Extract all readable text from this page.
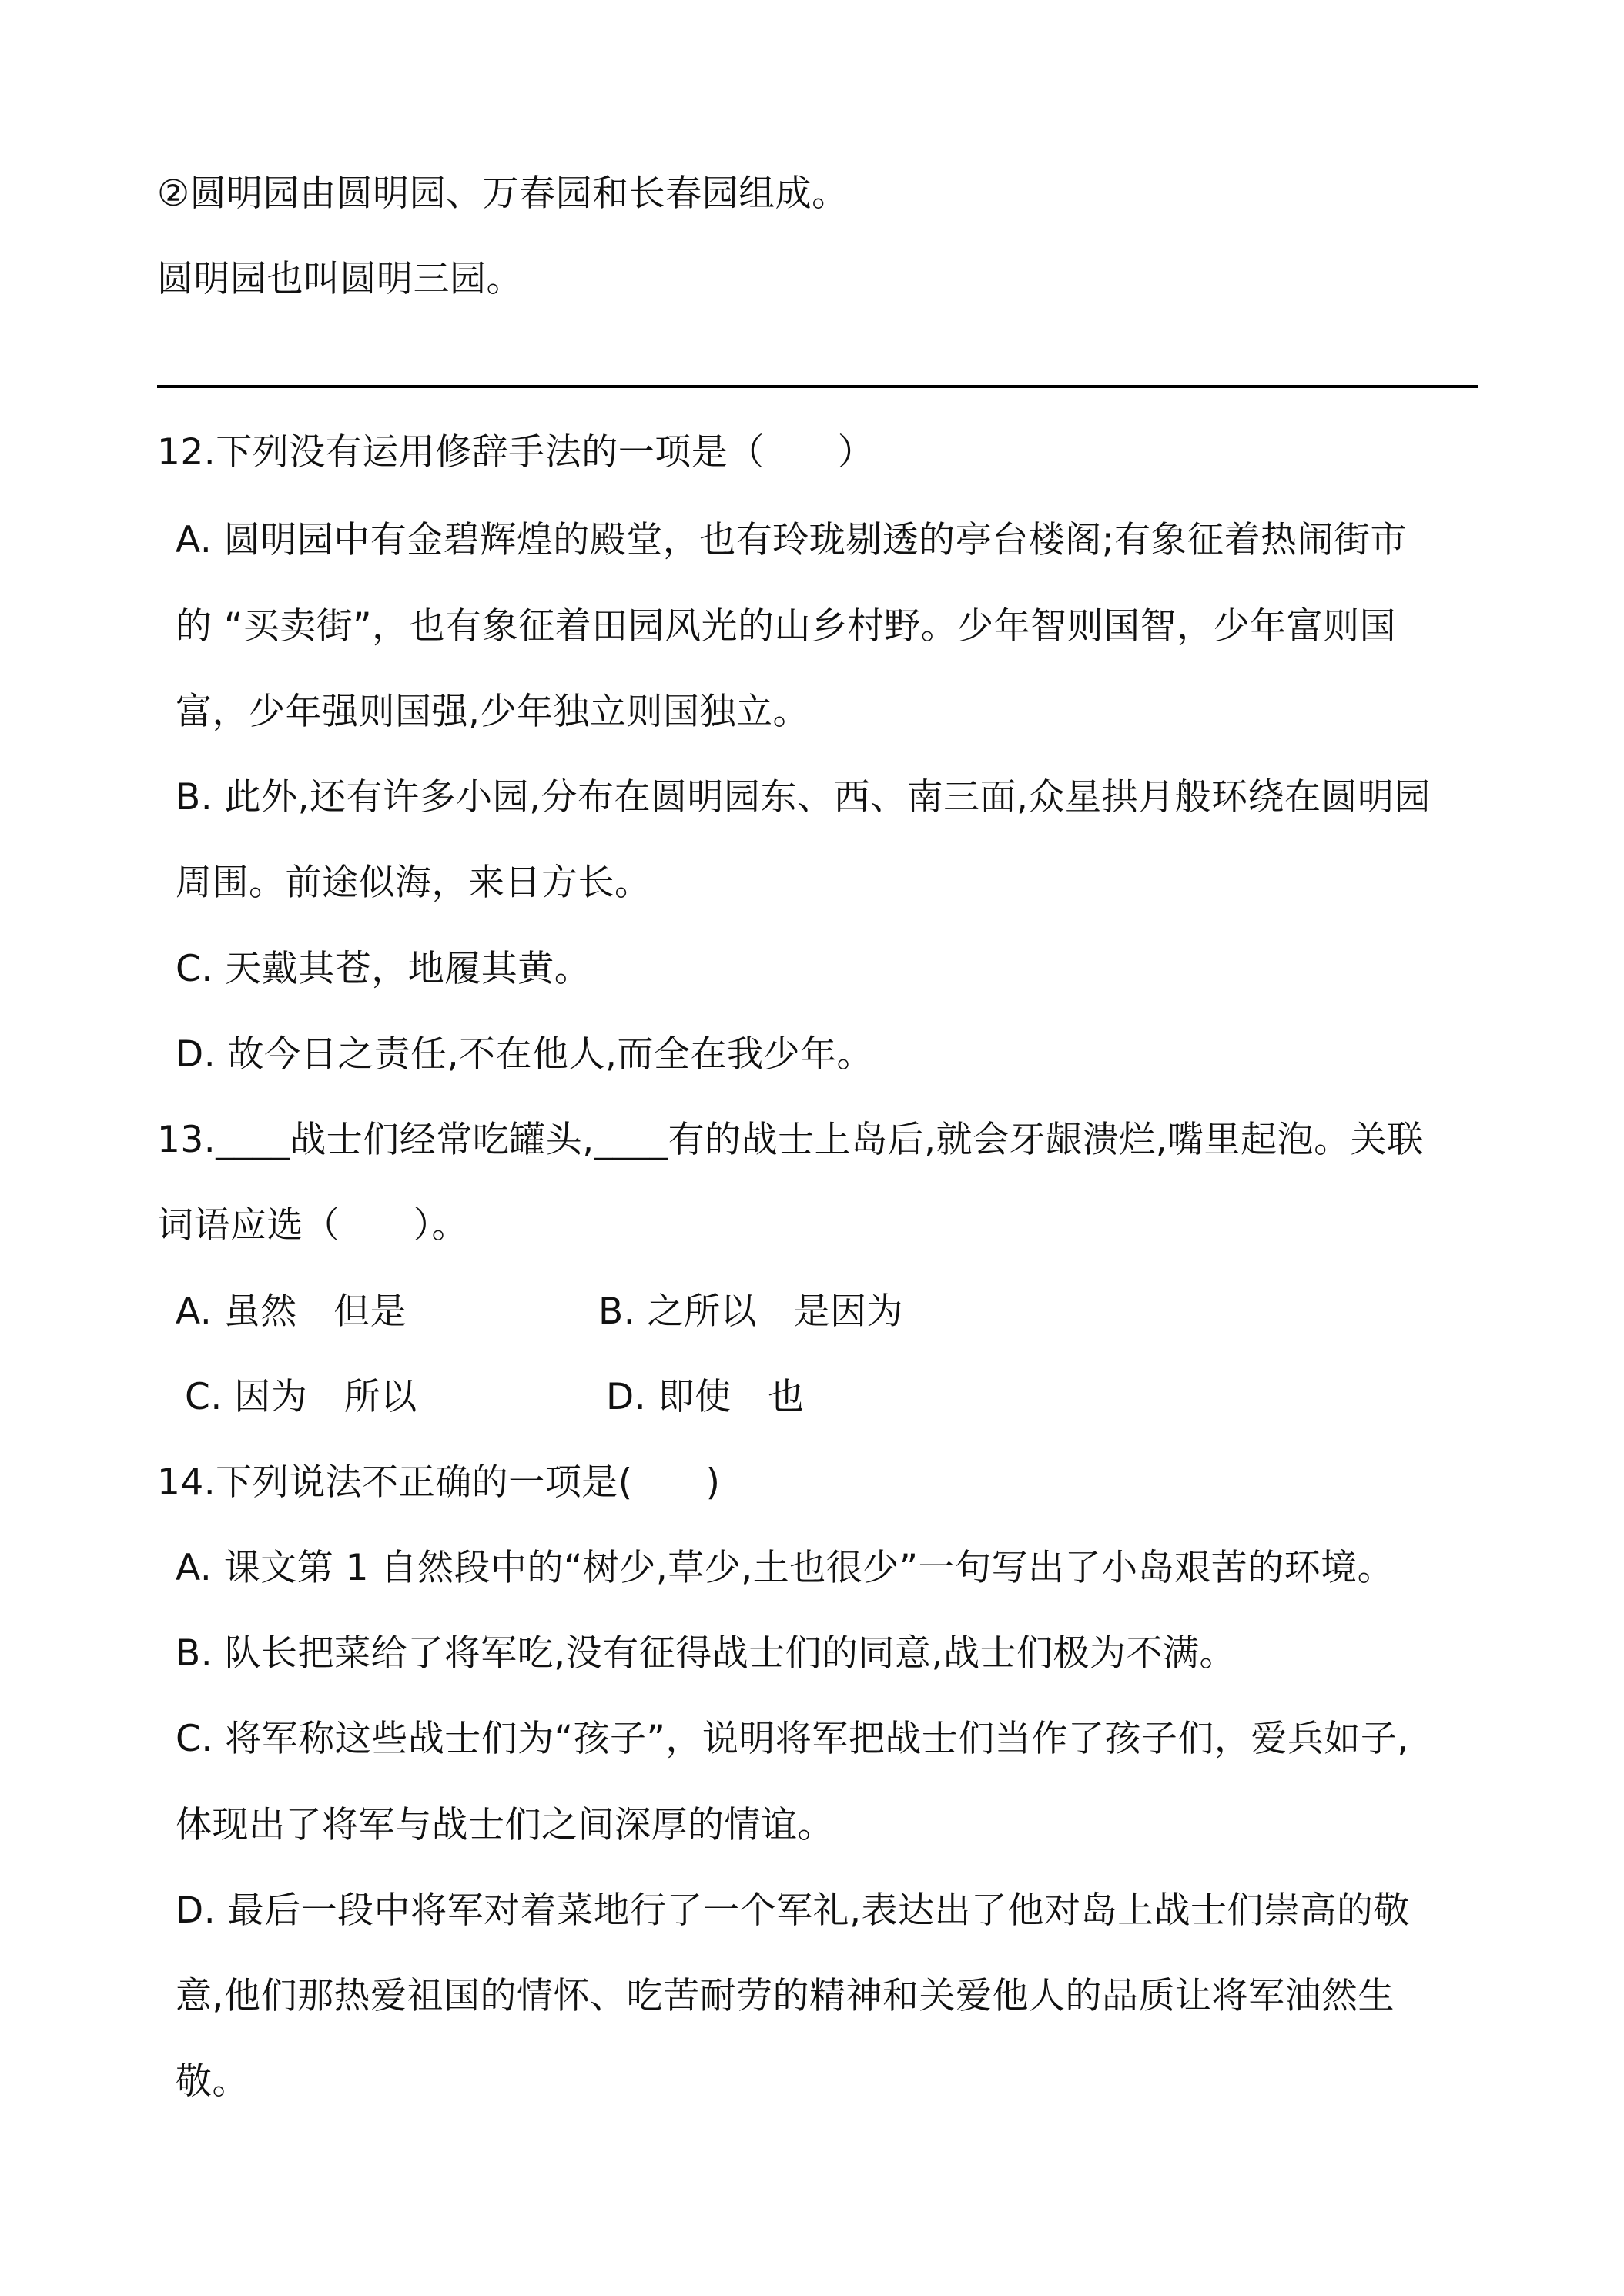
②圆明园由圆明园、万春园和长春园组成。
圆明园也叫圆明三园。
12.下列没有运用修辞手法的一项是（　　）
A. 圆明园中有金碧辉煌的殿堂，也有玲珑剔透的亭台楼阁;有象征着热闹街市
的 “买卖街”，也有象征着田园风光的山乡村野。少年智则国智，少年富则国
富，少年强则国强,少年独立则国独立。
B. 此外,还有许多小园,分布在圆明园东、西、南三面,众星拱月般环绕在圆明园
周围。前途似海，来日方长。
C. 天戴其苍，地履其黄。
D. 故今日之责任,不在他人,而全在我少年。
13.____战士们经常吃罐头,____有的战士上岛后,就会牙龈溃烂,嘴里起泡。关联
词语应选（　　）。
A. 虽然　但是	B. 之所以　是因为
C. 因为　所以	D. 即使　也
14.下列说法不正确的一项是(　　)
A. 课文第 1 自然段中的“树少,草少,土也很少”一句写出了小岛艰苦的环境。
B. 队长把菜给了将军吃,没有征得战士们的同意,战士们极为不满。
C. 将军称这些战士们为“孩子”，说明将军把战士们当作了孩子们，爱兵如子,
体现出了将军与战士们之间深厚的情谊。
D. 最后一段中将军对着菜地行了一个军礼,表达出了他对岛上战士们崇高的敬
意,他们那热爱祖国的情怀、吃苦耐劳的精神和关爱他人的品质让将军油然生
敬。
